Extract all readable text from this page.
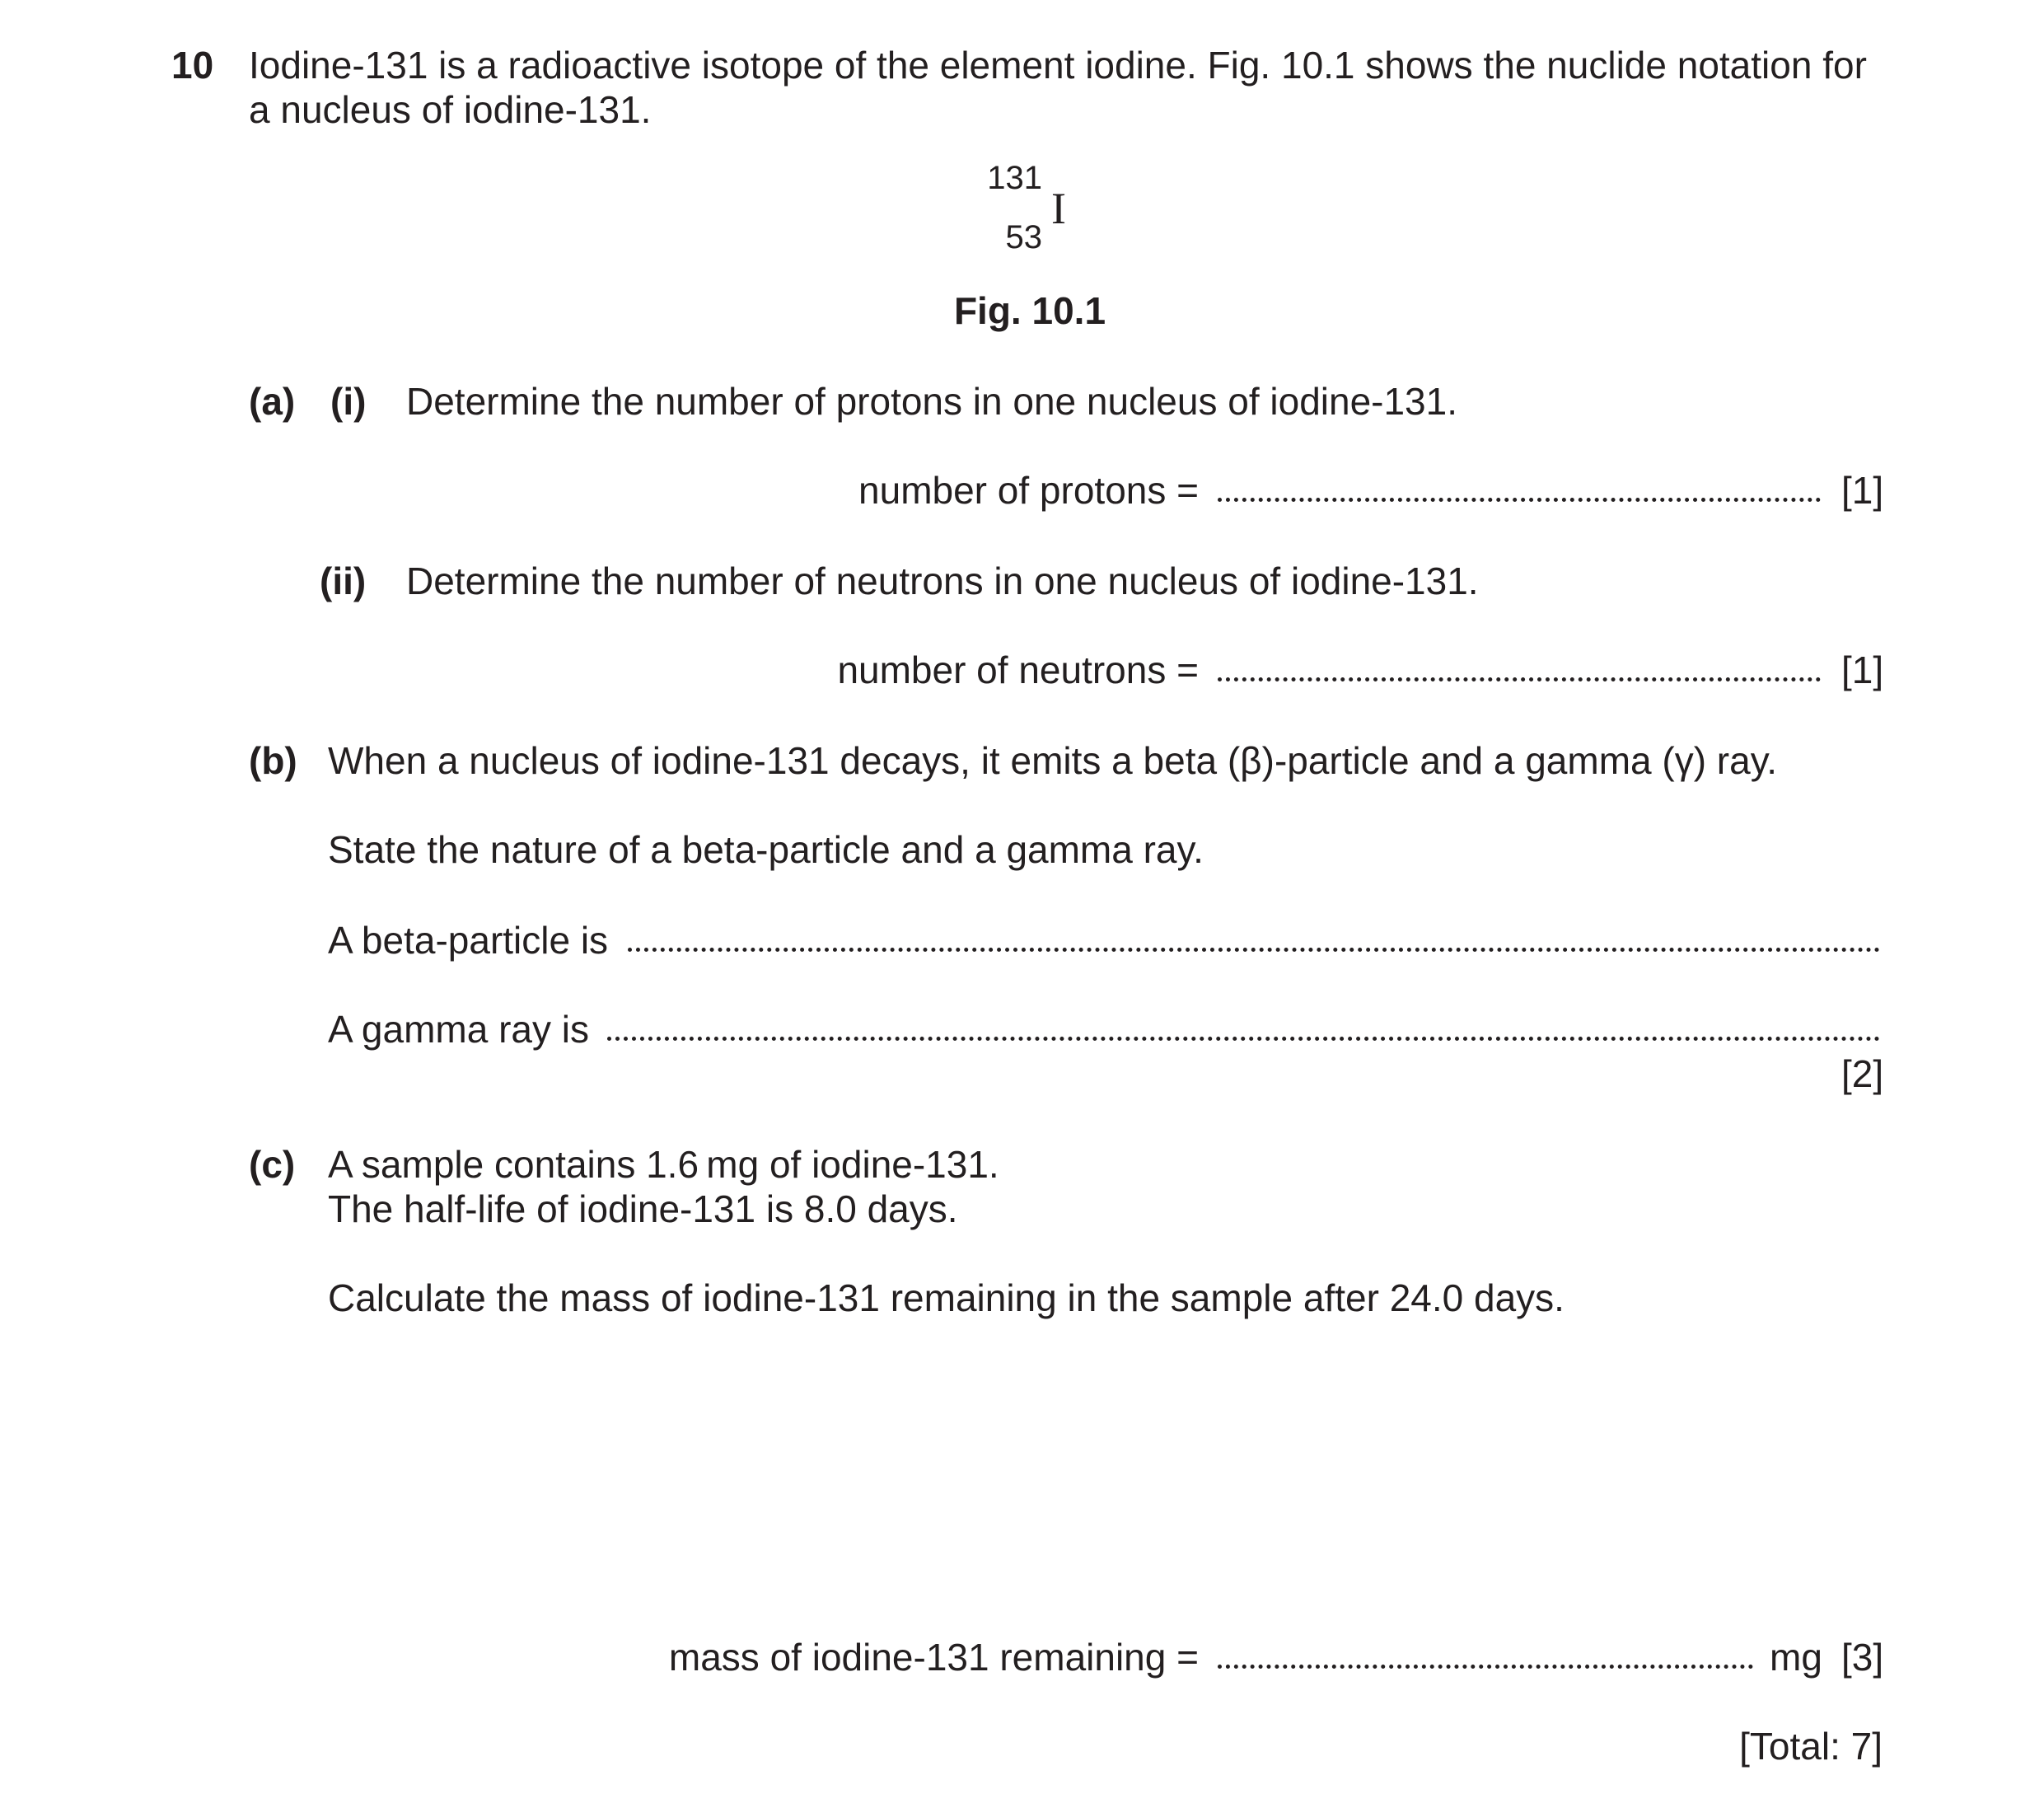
10 Iodine-131 is a radioactive isotope of the element iodine. Fig. 10.1 shows the nuclide notation for
a nucleus of iodine-131.
131
53
I
Fig. 10.1
(a) (i) Determine the number of protons in one nucleus of iodine-131.
number of protons =	[1]
(ii) Determine the number of neutrons in one nucleus of iodine-131.
number of neutrons =	[1]
(b) When a nucleus of iodine-131 decays, it emits a beta (β)-particle and a gamma (γ) ray.
State the nature of a beta-particle and a gamma ray.
A beta-particle is
A gamma ray is
[2]
(c) A sample contains 1.6 mg of iodine-131.
The half-life of iodine-131 is 8.0 days.
Calculate the mass of iodine-131 remaining in the sample after 24.0 days.
mass of iodine-131 remaining =	mg [3]
[Total: 7]
